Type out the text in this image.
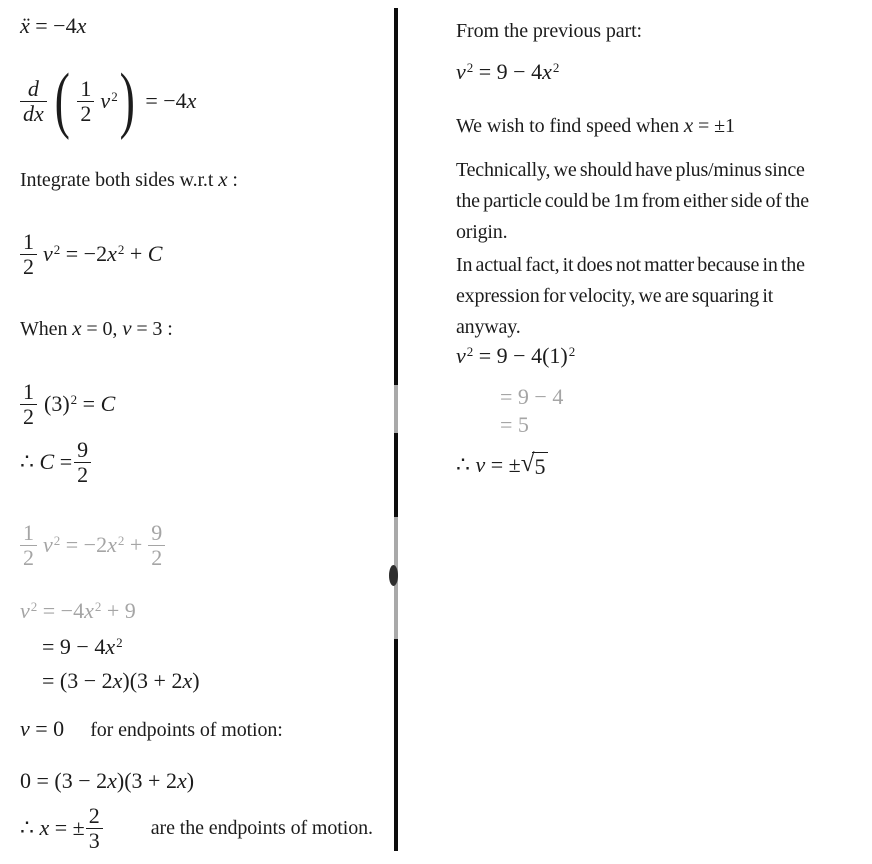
ẍ = −4x
$\frac{d}{dx}$ ( $\frac{1}{2} v^2$ ) = −4x
Integrate both sides w.r.t x :
$\frac{1}{2} v^2 = -2x^2 + C$
When x = 0, v = 3 :
$\frac{1}{2} (3)^2 = C$
∴ $C = \frac{9}{2}$
$\frac{1}{2} v^2 = -2x^2 + \frac{9}{2}$
$v^2 = -4x^2 + 9$
= $9 - 4x^2$
= (3 − 2x)(3 + 2x)
v = 0 for endpoints of motion:
0 = (3 − 2x)(3 + 2x)
∴ x = ± $\frac{2}{3}$ are the endpoints of motion.
From the previous part:
$v^2 = 9 - 4x^2$
We wish to find speed when x = ±1
Technically, we should have plus/minus since
the particle could be 1m from either side of the
origin.
In actual fact, it does not matter because in the
expression for velocity, we are squaring it
anyway.
$v^2 = 9 - 4(1)^2$
= 9 − 4
= 5
∴ v = ± √ 5
